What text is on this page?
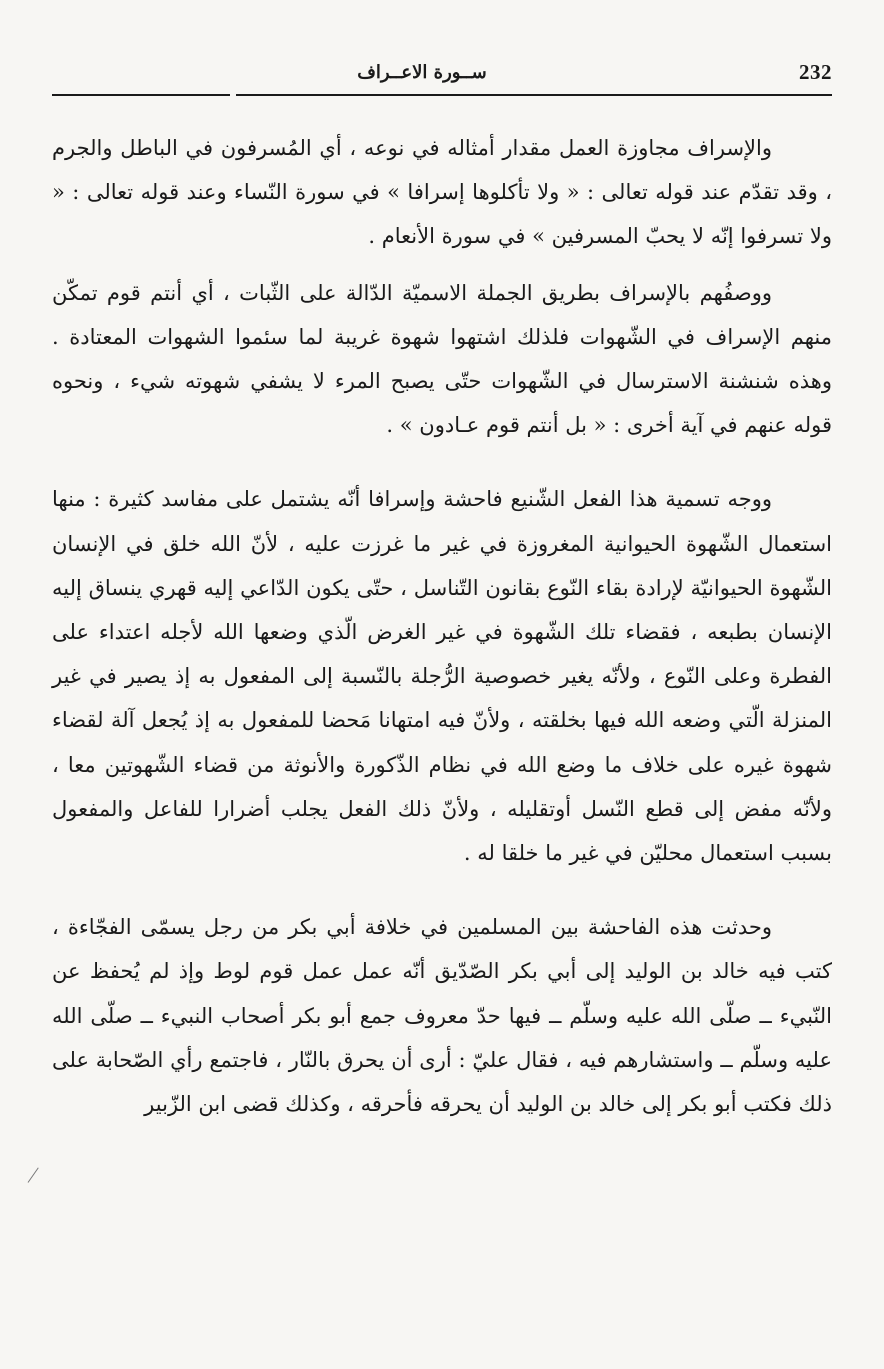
ســورة الاعــراف	232

والإسراف مجاوزة العمل مقدار أمثاله في نوعه ، أي المُسرفون في الباطل والجرم ، وقد تقدّم عند قوله تعالى : « ولا تأكلوها إسرافا » في سورة النّساء وعند قوله تعالى : « ولا تسرفوا إنّه لا يحبّ المسرفين » في سورة الأنعام .

ووصفُهم بالإسراف بطريق الجملة الاسميّة الدّالة على الثّبات ، أي أنتم قوم تمكّن منهم الإسراف في الشّهوات فلذلك اشتهوا شهوة غريبة لما سئموا الشهوات المعتادة . وهذه شنشنة الاسترسال في الشّهوات حتّى يصبح المرء لا يشفي شهوته شيء ، ونحوه قوله عنهم في آية أخرى : « بل أنتم قوم عـادون » .

ووجه تسمية هذا الفعل الشّنيع فاحشة وإسرافا أنّه يشتمل على مفاسد كثيرة : منها استعمال الشّهوة الحيوانية المغروزة في غير ما غرزت عليه ، لأنّ الله خلق في الإنسان الشّهوة الحيوانيّة لإرادة بقاء النّوع بقانون التّناسل ، حتّى يكون الدّاعي إليه قهري ينساق إليه الإنسان بطبعه ، فقضاء تلك الشّهوة في غير الغرض الّذي وضعها الله لأجله اعتداء على الفطرة وعلى النّوع ، ولأنّه يغير خصوصية الرُّجلة بالنّسبة إلى المفعول به إذ يصير في غير المنزلة الّتي وضعه الله فيها بخلقته ، ولأنّ فيه امتهانا مَحضا للمفعول به إذ يُجعل آلة لقضاء شهوة غيره على خلاف ما وضع الله في نظام الذّكورة والأنوثة من قضاء الشّهوتين معا ، ولأنّه مفض إلى قطع النّسل أوتقليله ، ولأنّ ذلك الفعل يجلب أضرارا للفاعل والمفعول بسبب استعمال محليّن في غير ما خلقا له .

وحدثت هذه الفاحشة بين المسلمين في خلافة أبي بكر من رجل يسمّى الفجّاءة ، كتب فيه خالد بن الوليد إلى أبي بكر الصّدّيق أنّه عمل عمل قوم لوط وإذ لم يُحفظ عن النّبيء ــ صلّى الله عليه وسلّم ــ فيها حدّ معروف جمع أبو بكر أصحاب النبيء ــ صلّى الله عليه وسلّم ــ واستشارهم فيه ، فقال عليّ : أرى أن يحرق بالنّار ، فاجتمع رأي الصّحابة على ذلك فكتب أبو بكر إلى خالد بن الوليد أن يحرقه فأحرقه ، وكذلك قضى ابن الزّبير
